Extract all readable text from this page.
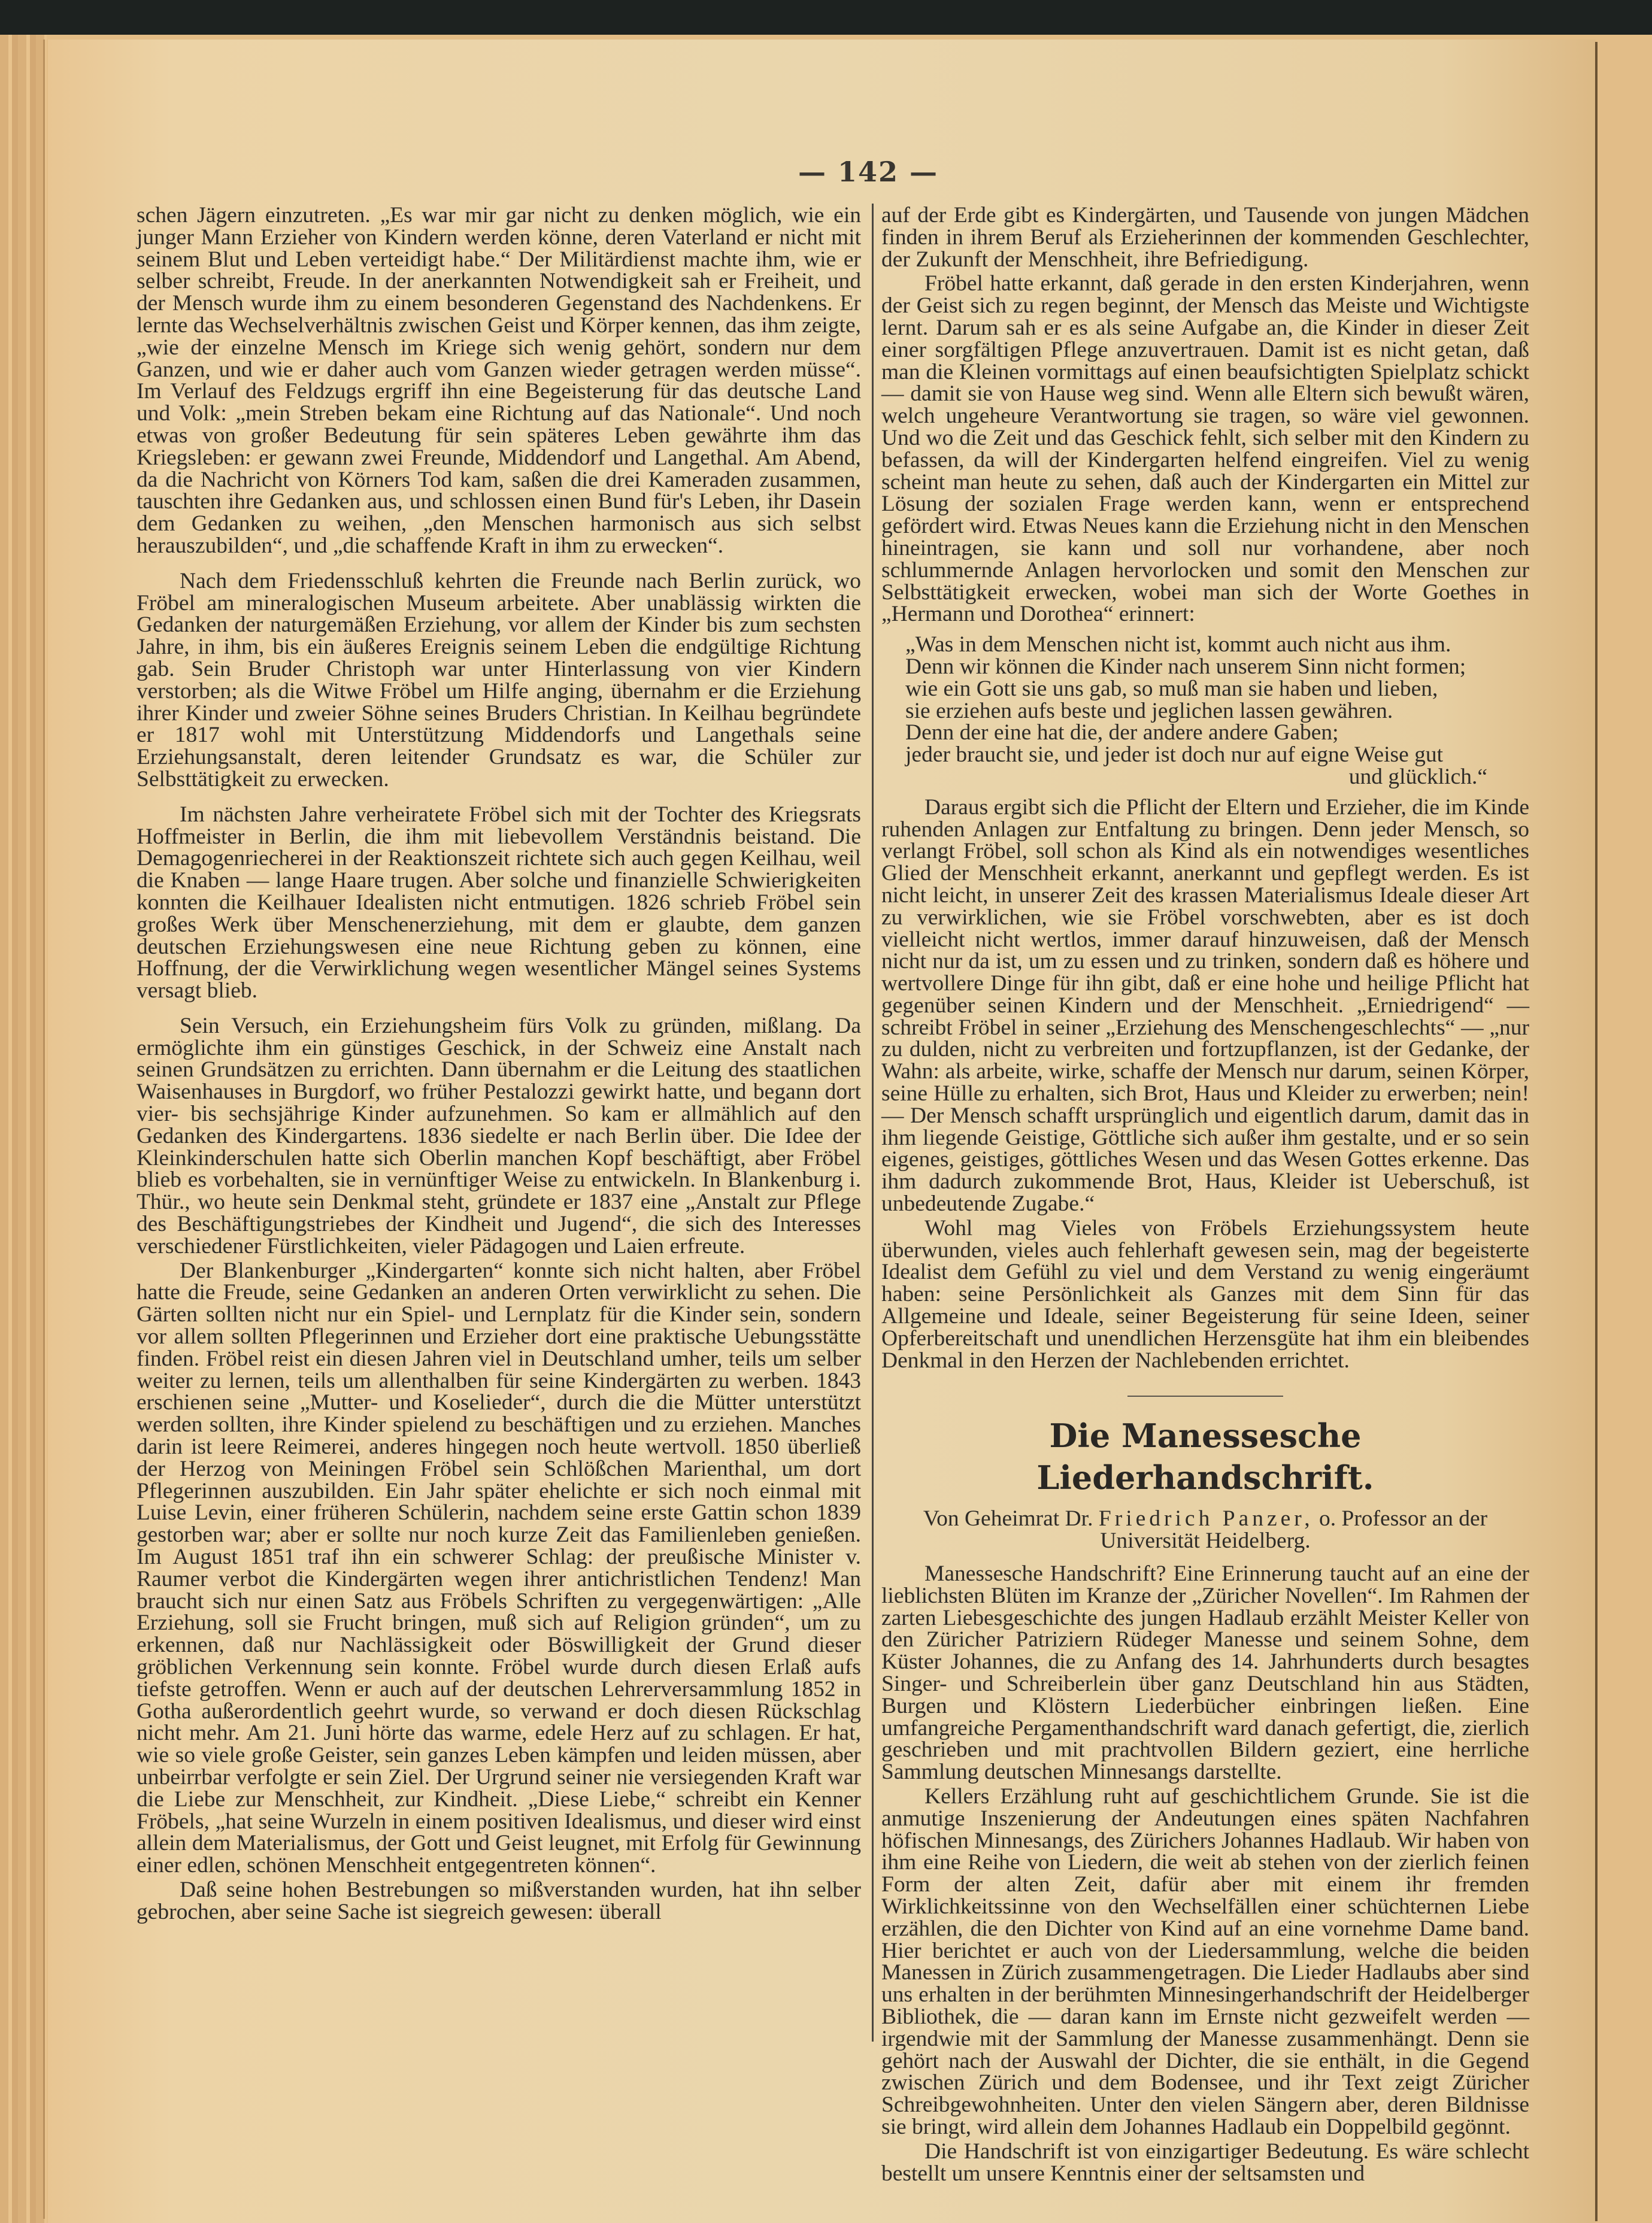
— 142 —

schen Jägern einzutreten. „Es war mir gar nicht zu denken möglich, wie ein junger Mann Erzieher von Kindern werden könne, deren Vaterland er nicht mit seinem Blut und Leben verteidigt habe.“ Der Militärdienst machte ihm, wie er selber schreibt, Freude. In der anerkannten Notwendigkeit sah er Freiheit, und der Mensch wurde ihm zu einem besonderen Gegenstand des Nachdenkens. Er lernte das Wechselverhältnis zwischen Geist und Körper kennen, das ihm zeigte, „wie der einzelne Mensch im Kriege sich wenig gehört, sondern nur dem Ganzen, und wie er daher auch vom Ganzen wieder getragen werden müsse“. Im Verlauf des Feldzugs ergriff ihn eine Begeisterung für das deutsche Land und Volk: „mein Streben bekam eine Richtung auf das Nationale“. Und noch etwas von großer Bedeutung für sein späteres Leben gewährte ihm das Kriegsleben: er gewann zwei Freunde, Middendorf und Langethal. Am Abend, da die Nachricht von Körners Tod kam, saßen die drei Kameraden zusammen, tauschten ihre Gedanken aus, und schlossen einen Bund für's Leben, ihr Dasein dem Gedanken zu weihen, „den Menschen harmonisch aus sich selbst herauszubilden“, und „die schaffende Kraft in ihm zu erwecken“.

Nach dem Friedensschluß kehrten die Freunde nach Berlin zurück, wo Fröbel am mineralogischen Museum arbeitete. Aber unablässig wirkten die Gedanken der naturgemäßen Erziehung, vor allem der Kinder bis zum sechsten Jahre, in ihm, bis ein äußeres Ereignis seinem Leben die endgültige Richtung gab. Sein Bruder Christoph war unter Hinterlassung von vier Kindern verstorben; als die Witwe Fröbel um Hilfe anging, übernahm er die Erziehung ihrer Kinder und zweier Söhne seines Bruders Christian. In Keilhau begründete er 1817 wohl mit Unterstützung Middendorfs und Langethals seine Erziehungsanstalt, deren leitender Grundsatz es war, die Schüler zur Selbsttätigkeit zu erwecken.

Im nächsten Jahre verheiratete Fröbel sich mit der Tochter des Kriegsrats Hoffmeister in Berlin, die ihm mit liebevollem Verständnis beistand. Die Demagogenriecherei in der Reaktionszeit richtete sich auch gegen Keilhau, weil die Knaben — lange Haare trugen. Aber solche und finanzielle Schwierigkeiten konnten die Keilhauer Idealisten nicht entmutigen. 1826 schrieb Fröbel sein großes Werk über Menschenerziehung, mit dem er glaubte, dem ganzen deutschen Erziehungswesen eine neue Richtung geben zu können, eine Hoffnung, der die Verwirklichung wegen wesentlicher Mängel seines Systems versagt blieb.

Sein Versuch, ein Erziehungsheim fürs Volk zu gründen, mißlang. Da ermöglichte ihm ein günstiges Geschick, in der Schweiz eine Anstalt nach seinen Grundsätzen zu errichten. Dann übernahm er die Leitung des staatlichen Waisenhauses in Burgdorf, wo früher Pestalozzi gewirkt hatte, und begann dort vier- bis sechsjährige Kinder aufzunehmen. So kam er allmählich auf den Gedanken des Kindergartens. 1836 siedelte er nach Berlin über. Die Idee der Kleinkinderschulen hatte sich Oberlin manchen Kopf beschäftigt, aber Fröbel blieb es vorbehalten, sie in vernünftiger Weise zu entwickeln. In Blankenburg i. Thür., wo heute sein Denkmal steht, gründete er 1837 eine „Anstalt zur Pflege des Beschäftigungstriebes der Kindheit und Jugend“, die sich des Interesses verschiedener Fürstlichkeiten, vieler Pädagogen und Laien erfreute.

Der Blankenburger „Kindergarten“ konnte sich nicht halten, aber Fröbel hatte die Freude, seine Gedanken an anderen Orten verwirklicht zu sehen. Die Gärten sollten nicht nur ein Spiel- und Lernplatz für die Kinder sein, sondern vor allem sollten Pflegerinnen und Erzieher dort eine praktische Uebungsstätte finden. Fröbel reist ein diesen Jahren viel in Deutschland umher, teils um selber weiter zu lernen, teils um allenthalben für seine Kindergärten zu werben. 1843 erschienen seine „Mutter- und Koselieder“, durch die die Mütter unterstützt werden sollten, ihre Kinder spielend zu beschäftigen und zu erziehen. Manches darin ist leere Reimerei, anderes hingegen noch heute wertvoll. 1850 überließ der Herzog von Meiningen Fröbel sein Schlößchen Marienthal, um dort Pflegerinnen auszubilden. Ein Jahr später ehelichte er sich noch einmal mit Luise Levin, einer früheren Schülerin, nachdem seine erste Gattin schon 1839 gestorben war; aber er sollte nur noch kurze Zeit das Familienleben genießen. Im August 1851 traf ihn ein schwerer Schlag: der preußische Minister v. Raumer verbot die Kindergärten wegen ihrer antichristlichen Tendenz! Man braucht sich nur einen Satz aus Fröbels Schriften zu vergegenwärtigen: „Alle Erziehung, soll sie Frucht bringen, muß sich auf Religion gründen“, um zu erkennen, daß nur Nachlässigkeit oder Böswilligkeit der Grund dieser gröblichen Verkennung sein konnte. Fröbel wurde durch diesen Erlaß aufs tiefste getroffen. Wenn er auch auf der deutschen Lehrerversammlung 1852 in Gotha außerordentlich geehrt wurde, so verwand er doch diesen Rückschlag nicht mehr. Am 21. Juni hörte das warme, edele Herz auf zu schlagen. Er hat, wie so viele große Geister, sein ganzes Leben kämpfen und leiden müssen, aber unbeirrbar verfolgte er sein Ziel. Der Urgrund seiner nie versiegenden Kraft war die Liebe zur Menschheit, zur Kindheit. „Diese Liebe,“ schreibt ein Kenner Fröbels, „hat seine Wurzeln in einem positiven Idealismus, und dieser wird einst allein dem Materialismus, der Gott und Geist leugnet, mit Erfolg für Gewinnung einer edlen, schönen Menschheit entgegentreten können“.

Daß seine hohen Bestrebungen so mißverstanden wurden, hat ihn selber gebrochen, aber seine Sache ist siegreich gewesen: überall

auf der Erde gibt es Kindergärten, und Tausende von jungen Mädchen finden in ihrem Beruf als Erzieherinnen der kommenden Geschlechter, der Zukunft der Menschheit, ihre Befriedigung.

Fröbel hatte erkannt, daß gerade in den ersten Kinderjahren, wenn der Geist sich zu regen beginnt, der Mensch das Meiste und Wichtigste lernt. Darum sah er es als seine Aufgabe an, die Kinder in dieser Zeit einer sorgfältigen Pflege anzuvertrauen. Damit ist es nicht getan, daß man die Kleinen vormittags auf einen beaufsichtigten Spielplatz schickt — damit sie von Hause weg sind. Wenn alle Eltern sich bewußt wären, welch ungeheure Verantwortung sie tragen, so wäre viel gewonnen. Und wo die Zeit und das Geschick fehlt, sich selber mit den Kindern zu befassen, da will der Kindergarten helfend eingreifen. Viel zu wenig scheint man heute zu sehen, daß auch der Kindergarten ein Mittel zur Lösung der sozialen Frage werden kann, wenn er entsprechend gefördert wird. Etwas Neues kann die Erziehung nicht in den Menschen hineintragen, sie kann und soll nur vorhandene, aber noch schlummernde Anlagen hervorlocken und somit den Menschen zur Selbsttätigkeit erwecken, wobei man sich der Worte Goethes in „Hermann und Dorothea“ erinnert:

„Was in dem Menschen nicht ist, kommt auch nicht aus ihm.
Denn wir können die Kinder nach unserem Sinn nicht formen;
wie ein Gott sie uns gab, so muß man sie haben und lieben,
sie erziehen aufs beste und jeglichen lassen gewähren.
Denn der eine hat die, der andere andere Gaben;
jeder braucht sie, und jeder ist doch nur auf eigne Weise gut
und glücklich.“

Daraus ergibt sich die Pflicht der Eltern und Erzieher, die im Kinde ruhenden Anlagen zur Entfaltung zu bringen. Denn jeder Mensch, so verlangt Fröbel, soll schon als Kind als ein notwendiges wesentliches Glied der Menschheit erkannt, anerkannt und gepflegt werden. Es ist nicht leicht, in unserer Zeit des krassen Materialismus Ideale dieser Art zu verwirklichen, wie sie Fröbel vorschwebten, aber es ist doch vielleicht nicht wertlos, immer darauf hinzuweisen, daß der Mensch nicht nur da ist, um zu essen und zu trinken, sondern daß es höhere und wertvollere Dinge für ihn gibt, daß er eine hohe und heilige Pflicht hat gegenüber seinen Kindern und der Menschheit. „Erniedrigend“ — schreibt Fröbel in seiner „Erziehung des Menschengeschlechts“ — „nur zu dulden, nicht zu verbreiten und fortzupflanzen, ist der Gedanke, der Wahn: als arbeite, wirke, schaffe der Mensch nur darum, seinen Körper, seine Hülle zu erhalten, sich Brot, Haus und Kleider zu erwerben; nein! — Der Mensch schafft ursprünglich und eigentlich darum, damit das in ihm liegende Geistige, Göttliche sich außer ihm gestalte, und er so sein eigenes, geistiges, göttliches Wesen und das Wesen Gottes erkenne. Das ihm dadurch zukommende Brot, Haus, Kleider ist Ueberschuß, ist unbedeutende Zugabe.“

Wohl mag Vieles von Fröbels Erziehungssystem heute überwunden, vieles auch fehlerhaft gewesen sein, mag der begeisterte Idealist dem Gefühl zu viel und dem Verstand zu wenig eingeräumt haben: seine Persönlichkeit als Ganzes mit dem Sinn für das Allgemeine und Ideale, seiner Begeisterung für seine Ideen, seiner Opferbereitschaft und unendlichen Herzensgüte hat ihm ein bleibendes Denkmal in den Herzen der Nachlebenden errichtet.

Die Manessesche Liederhandschrift.

Von Geheimrat Dr. Friedrich Panzer, o. Professor an der Universität Heidelberg.

Manessesche Handschrift? Eine Erinnerung taucht auf an eine der lieblichsten Blüten im Kranze der „Züricher Novellen“. Im Rahmen der zarten Liebesgeschichte des jungen Hadlaub erzählt Meister Keller von den Züricher Patriziern Rüdeger Manesse und seinem Sohne, dem Küster Johannes, die zu Anfang des 14. Jahrhunderts durch besagtes Singer- und Schreiberlein über ganz Deutschland hin aus Städten, Burgen und Klöstern Liederbücher einbringen ließen. Eine umfangreiche Pergamenthandschrift ward danach gefertigt, die, zierlich geschrieben und mit prachtvollen Bildern geziert, eine herrliche Sammlung deutschen Minnesangs darstellte.

Kellers Erzählung ruht auf geschichtlichem Grunde. Sie ist die anmutige Inszenierung der Andeutungen eines späten Nachfahren höfischen Minnesangs, des Zürichers Johannes Hadlaub. Wir haben von ihm eine Reihe von Liedern, die weit ab stehen von der zierlich feinen Form der alten Zeit, dafür aber mit einem ihr fremden Wirklichkeitssinne von den Wechselfällen einer schüchternen Liebe erzählen, die den Dichter von Kind auf an eine vornehme Dame band. Hier berichtet er auch von der Liedersammlung, welche die beiden Manessen in Zürich zusammengetragen. Die Lieder Hadlaubs aber sind uns erhalten in der berühmten Minnesingerhandschrift der Heidelberger Bibliothek, die — daran kann im Ernste nicht gezweifelt werden — irgendwie mit der Sammlung der Manesse zusammenhängt. Denn sie gehört nach der Auswahl der Dichter, die sie enthält, in die Gegend zwischen Zürich und dem Bodensee, und ihr Text zeigt Züricher Schreibgewohnheiten. Unter den vielen Sängern aber, deren Bildnisse sie bringt, wird allein dem Johannes Hadlaub ein Doppelbild gegönnt.

Die Handschrift ist von einzigartiger Bedeutung. Es wäre schlecht bestellt um unsere Kenntnis einer der seltsamsten und
